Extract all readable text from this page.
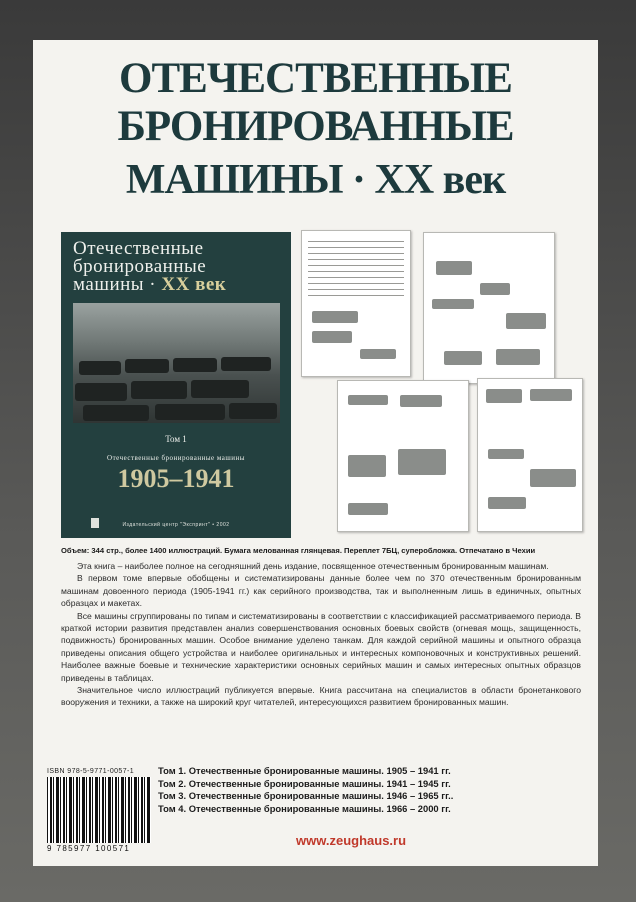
ОТЕЧЕСТВЕННЫЕ
БРОНИРОВАННЫЕ
МАШИНЫ · XX век
Отечественные
бронированные
машины · XX век
Том 1
Отечественные бронированные машины
1905–1941
Издательский центр "Экспринт" • 2002
Объем: 344 стр., более 1400 иллюстраций. Бумага мелованная глянцевая. Переплет 7БЦ, суперобложка. Отпечатано в Чехии

Эта книга – наиболее полное на сегодняшний день издание, посвященное отечественным бронированным машинам.

В первом томе впервые обобщены и систематизированы данные более чем по 370 отечественным бронированным машинам довоенного периода (1905-1941 гг.) как серийного производства, так и выполненным лишь в единичных, опытных образцах и макетах.

Все машины сгруппированы по типам и систематизированы в соответствии с классификацией рассматриваемого периода. В краткой истории развития представлен анализ совершенствования основных боевых свойств (огневая мощь, защищенность, подвижность) бронированных машин. Особое внимание уделено танкам. Для каждой серийной машины и опытного образца приведены описания общего устройства и наиболее оригинальных и интересных компоновочных и конструктивных решений. Наиболее важные боевые и технические характеристики основных серийных машин и самых интересных опытных образцов приведены в таблицах.

Значительное число иллюстраций публикуется впервые. Книга рассчитана на специалистов в области бронетанкового вооружения и техники, а также на широкий круг читателей, интересующихся развитием бронированных машин.

ISBN 978-5-9771-0057-1
9 785977 100571
Том 1. Отечественные бронированные машины. 1905 – 1941 гг.
Том 2. Отечественные бронированные машины. 1941 – 1945 гг.
Том 3. Отечественные бронированные машины. 1946 – 1965 гг..
Том 4. Отечественные бронированные машины. 1966 – 2000 гг.
www.zeughaus.ru
